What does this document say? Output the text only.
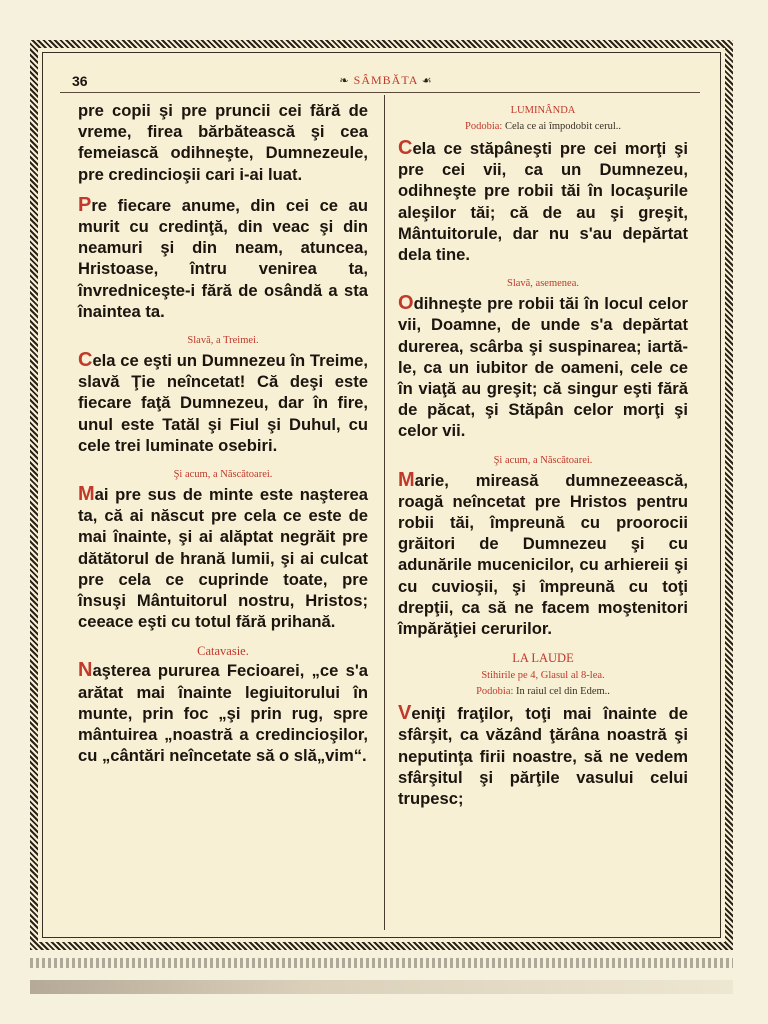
36	❧ SÂMBĂTA ☙

pre copii şi pre pruncii cei fără de vreme, firea bărbătească şi cea femeiască odihneşte, Dumnezeule, pre credincioşii cari i-ai luat.

Pre fiecare anume, din cei ce au murit cu credinţă, din veac şi din neamuri şi din neam, atuncea, Hristoase, întru venirea ta, învredniceşte-i fără de osândă a sta înaintea ta.

Slavă, a Treimei.

Cela ce eşti un Dumnezeu în Treime, slavă Ţie neîncetat! Că deşi este fiecare faţă Dumnezeu, dar în fire, unul este Tatăl şi Fiul şi Duhul, cu cele trei luminate osebiri.

Şi acum, a Născătoarei.

Mai pre sus de minte este naşterea ta, că ai născut pre cela ce este de mai înainte, şi ai alăptat negrăit pre dătătorul de hrană lumii, şi ai culcat pre cela ce cuprinde toate, pre însuşi Mântuitorul nostru, Hristos; ceeace eşti cu totul fără prihană.

Catavasie.

Naşterea pururea Fecioarei, „ce s'a arătat mai înainte legiuitorului în munte, prin foc „şi prin rug, spre mântuirea „noastră a credincioşilor, cu „cântări neîncetate să o slă„vim“.

LUMINÂNDA
Podobia: Cela ce ai împodobit cerul..

Cela ce stăpâneşti pre cei morţi şi pre cei vii, ca un Dumnezeu, odihneşte pre robii tăi în locaşurile aleşilor tăi; că de au şi greşit, Mântuitorule, dar nu s'au depărtat dela tine.

Slavă, asemenea.

Odihneşte pre robii tăi în locul celor vii, Doamne, de unde s'a depărtat durerea, scârba şi suspinarea; iartă-le, ca un iubitor de oameni, cele ce în viaţă au greşit; că singur eşti fără de păcat, şi Stăpân celor morţi şi celor vii.

Şi acum, a Născătoarei.

Marie, mireasă dumnezeească, roagă neîncetat pre Hristos pentru robii tăi, împreună cu proorocii grăitori de Dumnezeu şi cu adunările mucenicilor, cu arhiereii şi cu cuvioşii, şi împreună cu toţi drepţii, ca să ne facem moştenitori împărăţiei cerurilor.

LA LAUDE
Stihirile pe 4, Glasul al 8-lea.
Podobia: In raiul cel din Edem..

Veniţi fraţilor, toţi mai înainte de sfârşit, ca văzând ţărâna noastră şi neputinţa firii noastre, să ne vedem sfârşitul şi părţile vasului celui trupesc;
